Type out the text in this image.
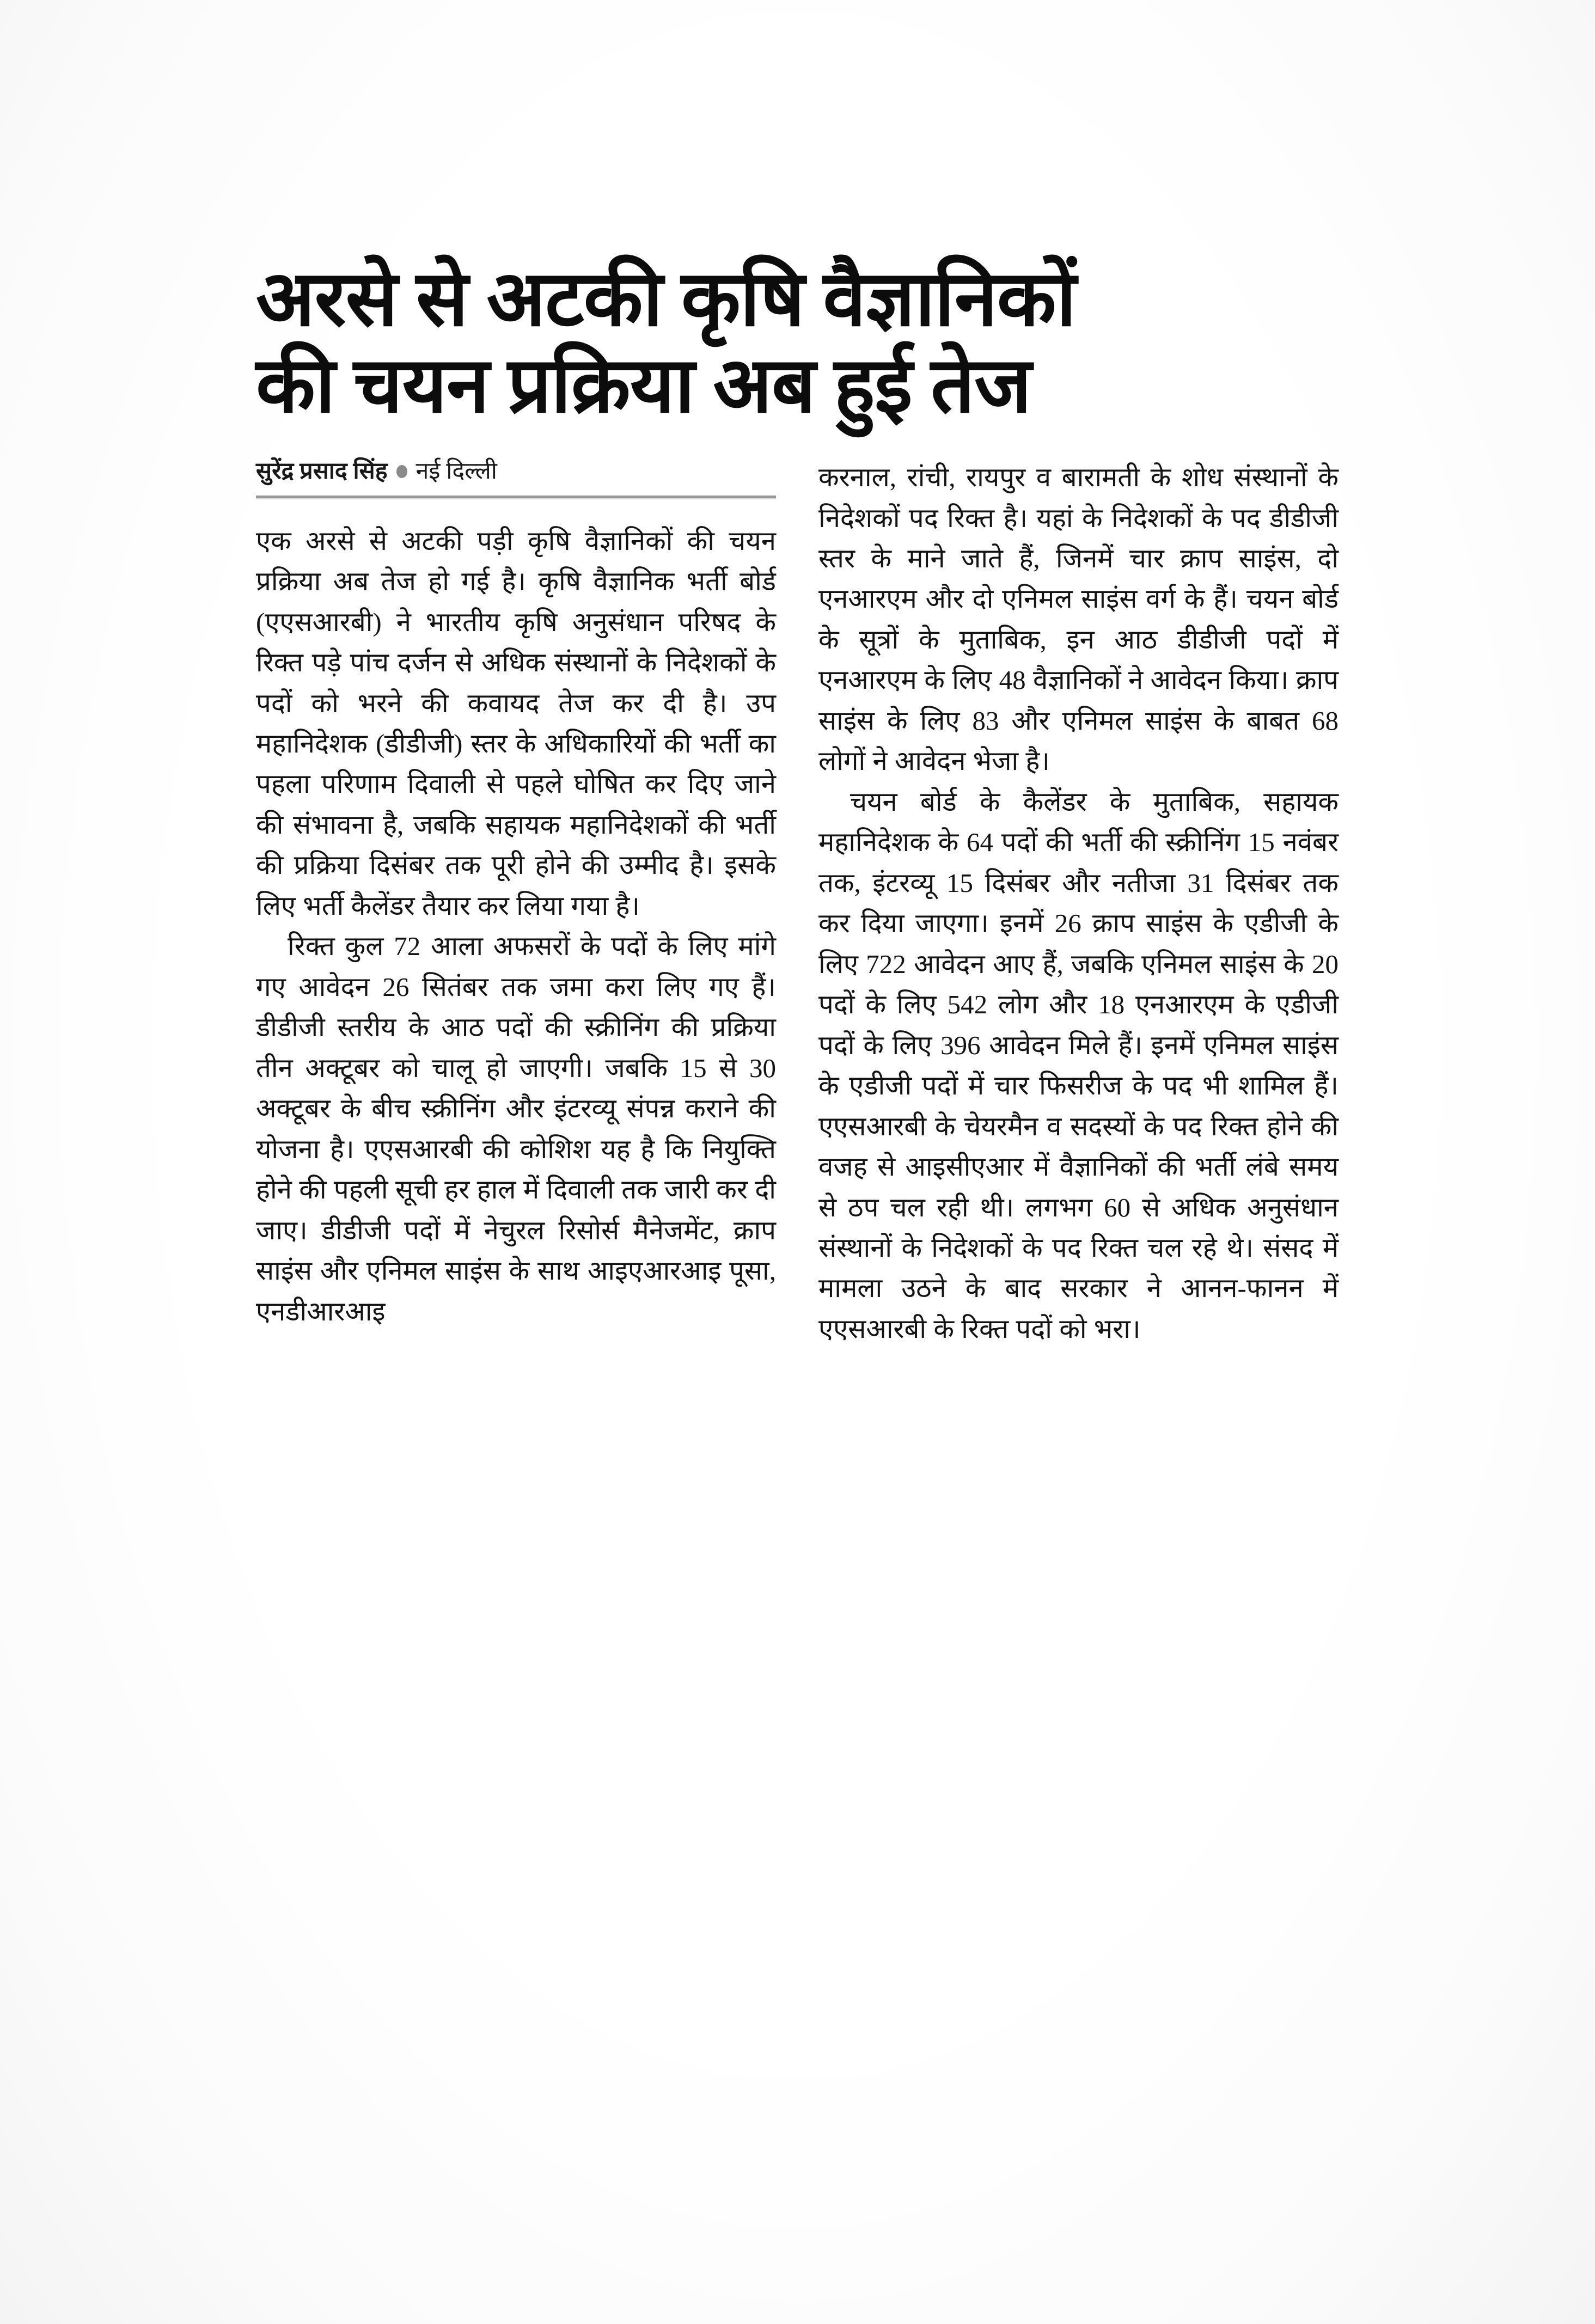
अरसे से अटकी कृषि वैज्ञानिकों
की चयन प्रक्रिया अब हुई तेज
सुरेंद्र प्रसाद सिंह नई दिल्ली

एक अरसे से अटकी पड़ी कृषि वैज्ञानिकों की चयन प्रक्रिया अब तेज हो गई है। कृषि वैज्ञानिक भर्ती बोर्ड (एएसआरबी) ने भारतीय कृषि अनुसंधान परिषद के रिक्त पड़े पांच दर्जन से अधिक संस्थानों के निदेशकों के पदों को भरने की कवायद तेज कर दी है। उप महानिदेशक (डीडीजी) स्तर के अधिकारियों की भर्ती का पहला परिणाम दिवाली से पहले घोषित कर दिए जाने की संभावना है, जबकि सहायक महानिदेशकों की भर्ती की प्रक्रिया दिसंबर तक पूरी होने की उम्मीद है। इसके लिए भर्ती कैलेंडर तैयार कर लिया गया है।

रिक्त कुल 72 आला अफसरों के पदों के लिए मांगे गए आवेदन 26 सितंबर तक जमा करा लिए गए हैं। डीडीजी स्तरीय के आठ पदों की स्क्रीनिंग की प्रक्रिया तीन अक्टूबर को चालू हो जाएगी। जबकि 15 से 30 अक्टूबर के बीच स्क्रीनिंग और इंटरव्यू संपन्न कराने की योजना है। एएसआरबी की कोशिश यह है कि नियुक्ति होने की पहली सूची हर हाल में दिवाली तक जारी कर दी जाए। डीडीजी पदों में नेचुरल रिसोर्स मैनेजमेंट, क्राप साइंस और एनिमल साइंस के साथ आइएआरआइ पूसा, एनडीआरआइ

करनाल, रांची, रायपुर व बारामती के शोध संस्थानों के निदेशकों पद रिक्त है। यहां के निदेशकों के पद डीडीजी स्तर के माने जाते हैं, जिनमें चार क्राप साइंस, दो एनआरएम और दो एनिमल साइंस वर्ग के हैं। चयन बोर्ड के सूत्रों के मुताबिक, इन आठ डीडीजी पदों में एनआरएम के लिए 48 वैज्ञानिकों ने आवेदन किया। क्राप साइंस के लिए 83 और एनिमल साइंस के बाबत 68 लोगों ने आवेदन भेजा है।

चयन बोर्ड के कैलेंडर के मुताबिक, सहायक महानिदेशक के 64 पदों की भर्ती की स्क्रीनिंग 15 नवंबर तक, इंटरव्यू 15 दिसंबर और नतीजा 31 दिसंबर तक कर दिया जाएगा। इनमें 26 क्राप साइंस के एडीजी के लिए 722 आवेदन आए हैं, जबकि एनिमल साइंस के 20 पदों के लिए 542 लोग और 18 एनआरएम के एडीजी पदों के लिए 396 आवेदन मिले हैं। इनमें एनिमल साइंस के एडीजी पदों में चार फिसरीज के पद भी शामिल हैं। एएसआरबी के चेयरमैन व सदस्यों के पद रिक्त होने की वजह से आइसीएआर में वैज्ञानिकों की भर्ती लंबे समय से ठप चल रही थी। लगभग 60 से अधिक अनुसंधान संस्थानों के निदेशकों के पद रिक्त चल रहे थे। संसद में मामला उठने के बाद सरकार ने आनन-फानन में एएसआरबी के रिक्त पदों को भरा।
